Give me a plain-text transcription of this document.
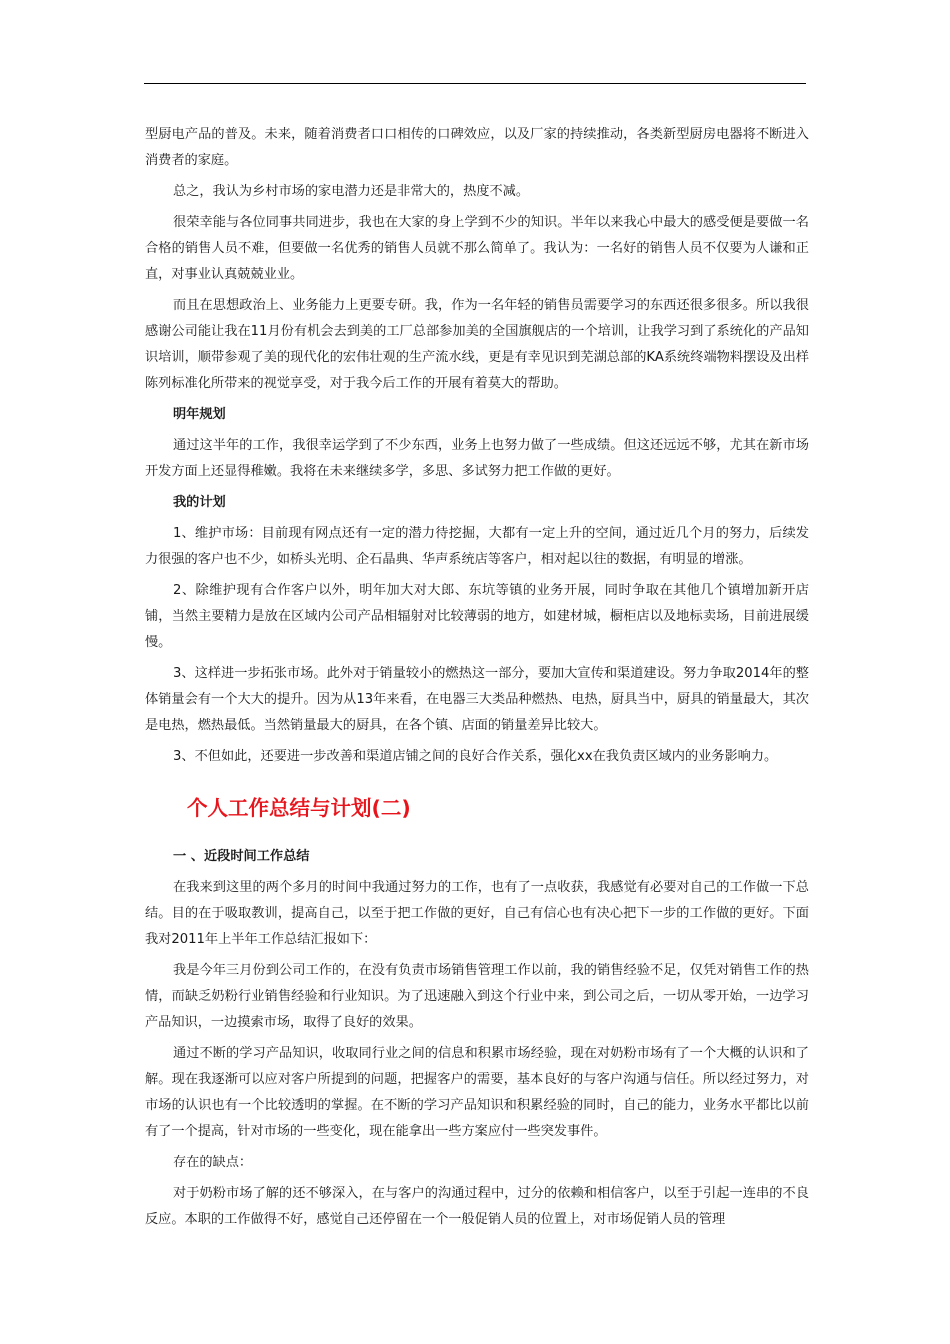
型厨电产品的普及。未来，随着消费者口口相传的口碑效应，以及厂家的持续推动，各类新型厨房电器将不断进入消费者的家庭。

总之，我认为乡村市场的家电潜力还是非常大的，热度不减。

很荣幸能与各位同事共同进步，我也在大家的身上学到不少的知识。半年以来我心中最大的感受便是要做一名合格的销售人员不难，但要做一名优秀的销售人员就不那么简单了。我认为：一名好的销售人员不仅要为人谦和正直，对事业认真兢兢业业。

而且在思想政治上、业务能力上更要专研。我，作为一名年轻的销售员需要学习的东西还很多很多。所以我很感谢公司能让我在11月份有机会去到美的工厂总部参加美的全国旗舰店的一个培训，让我学习到了系统化的产品知识培训，顺带参观了美的现代化的宏伟壮观的生产流水线，更是有幸见识到芜湖总部的KA系统终端物料摆设及出样陈列标准化所带来的视觉享受，对于我今后工作的开展有着莫大的帮助。

明年规划

通过这半年的工作，我很幸运学到了不少东西，业务上也努力做了一些成绩。但这还远远不够，尤其在新市场开发方面上还显得稚嫩。我将在未来继续多学，多思、多试努力把工作做的更好。

我的计划

1、维护市场：目前现有网点还有一定的潜力待挖掘，大都有一定上升的空间，通过近几个月的努力，后续发力很强的客户也不少，如桥头光明、企石晶典、华声系统店等客户，相对起以往的数据，有明显的增涨。

2、除维护现有合作客户以外，明年加大对大郎、东坑等镇的业务开展，同时争取在其他几个镇增加新开店铺，当然主要精力是放在区域内公司产品相辐射对比较薄弱的地方，如建材城，橱柜店以及地标卖场，目前进展缓慢。

3、这样进一步拓张市场。此外对于销量较小的燃热这一部分，要加大宣传和渠道建设。努力争取2014年的整体销量会有一个大大的提升。因为从13年来看，在电器三大类品种燃热、电热，厨具当中，厨具的销量最大，其次是电热，燃热最低。当然销量最大的厨具，在各个镇、店面的销量差异比较大。

3、不但如此，还要进一步改善和渠道店铺之间的良好合作关系，强化xx在我负责区域内的业务影响力。

个人工作总结与计划(二)
一 、近段时间工作总结

在我来到这里的两个多月的时间中我通过努力的工作，也有了一点收获，我感觉有必要对自己的工作做一下总结。目的在于吸取教训，提高自己，以至于把工作做的更好，自己有信心也有决心把下一步的工作做的更好。下面我对2011年上半年工作总结汇报如下：

我是今年三月份到公司工作的，在没有负责市场销售管理工作以前，我的销售经验不足，仅凭对销售工作的热情，而缺乏奶粉行业销售经验和行业知识。为了迅速融入到这个行业中来，到公司之后，一切从零开始，一边学习产品知识，一边摸索市场，取得了良好的效果。

通过不断的学习产品知识，收取同行业之间的信息和积累市场经验，现在对奶粉市场有了一个大概的认识和了解。现在我逐渐可以应对客户所提到的问题，把握客户的需要，基本良好的与客户沟通与信任。所以经过努力，对市场的认识也有一个比较透明的掌握。在不断的学习产品知识和积累经验的同时，自己的能力，业务水平都比以前有了一个提高，针对市场的一些变化，现在能拿出一些方案应付一些突发事件。

存在的缺点：

对于奶粉市场了解的还不够深入，在与客户的沟通过程中，过分的依赖和相信客户，以至于引起一连串的不良反应。本职的工作做得不好，感觉自己还停留在一个一般促销人员的位置上，对市场促销人员的管理
